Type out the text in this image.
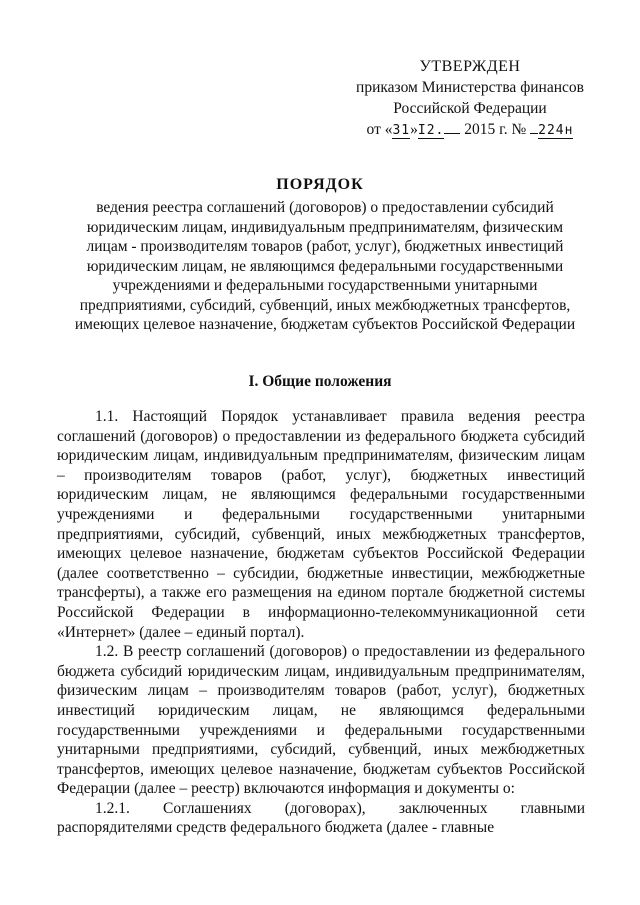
УТВЕРЖДЕН
приказом Министерства финансов
Российской Федерации
от «31»I2. 2015 г. № 224н
ПОРЯДОК
ведения реестра соглашений (договоров) о предоставлении субсидий юридическим лицам, индивидуальным предпринимателям, физическим лицам - производителям товаров (работ, услуг), бюджетных инвестиций юридическим лицам, не являющимся федеральными государственными учреждениями и федеральными государственными унитарными предприятиями, субсидий, субвенций, иных межбюджетных трансфертов, имеющих целевое назначение, бюджетам субъектов Российской Федерации
I. Общие положения

1.1. Настоящий Порядок устанавливает правила ведения реестра соглашений (договоров) о предоставлении из федерального бюджета субсидий юридическим лицам, индивидуальным предпринимателям, физическим лицам – производителям товаров (работ, услуг), бюджетных инвестиций юридическим лицам, не являющимся федеральными государственными учреждениями и федеральными государственными унитарными предприятиями, субсидий, субвенций, иных межбюджетных трансфертов, имеющих целевое назначение, бюджетам субъектов Российской Федерации (далее соответственно – субсидии, бюджетные инвестиции, межбюджетные трансферты), а также его размещения на едином портале бюджетной системы Российской Федерации в информационно-телекоммуникационной сети «Интернет» (далее – единый портал).

1.2. В реестр соглашений (договоров) о предоставлении из федерального бюджета субсидий юридическим лицам, индивидуальным предпринимателям, физическим лицам – производителям товаров (работ, услуг), бюджетных инвестиций юридическим лицам, не являющимся федеральными государственными учреждениями и федеральными государственными унитарными предприятиями, субсидий, субвенций, иных межбюджетных трансфертов, имеющих целевое назначение, бюджетам субъектов Российской Федерации (далее – реестр) включаются информация и документы о:

1.2.1. Соглашениях (договорах), заключенных главными распорядителями средств федерального бюджета (далее - главные
